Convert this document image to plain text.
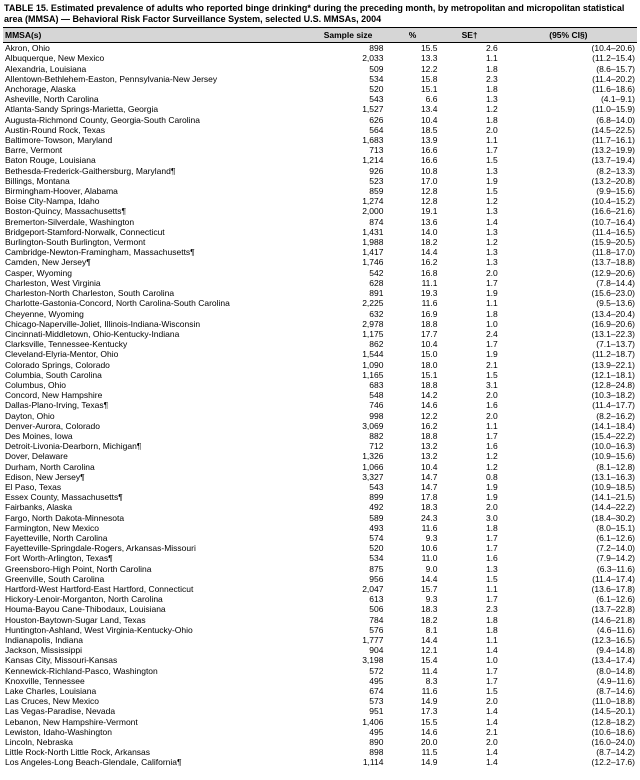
TABLE 15. Estimated prevalence of adults who reported binge drinking* during the preceding month, by metropolitan and micropolitan statistical area (MMSA) — Behavioral Risk Factor Surveillance System, selected U.S. MMSAs, 2004
MMSA(s)	Sample size	%	SE†	(95% CI§)
Akron, Ohio	898	15.5	2.6	(10.4–20.6)
Albuquerque, New Mexico	2,033	13.3	1.1	(11.2–15.4)
Alexandria, Louisiana	509	12.2	1.8	(8.6–15.7)
Allentown-Bethlehem-Easton, Pennsylvania-New Jersey	534	15.8	2.3	(11.4–20.2)
Anchorage, Alaska	520	15.1	1.8	(11.6–18.6)
Asheville, North Carolina	543	6.6	1.3	(4.1–9.1)
Atlanta-Sandy Springs-Marietta, Georgia	1,527	13.4	1.2	(11.0–15.9)
Augusta-Richmond County, Georgia-South Carolina	626	10.4	1.8	(6.8–14.0)
Austin-Round Rock, Texas	564	18.5	2.0	(14.5–22.5)
Baltimore-Towson, Maryland	1,683	13.9	1.1	(11.7–16.1)
Barre, Vermont	713	16.6	1.7	(13.2–19.9)
Baton Rouge, Louisiana	1,214	16.6	1.5	(13.7–19.4)
Bethesda-Frederick-Gaithersburg, Maryland¶	926	10.8	1.3	(8.2–13.3)
Billings, Montana	523	17.0	1.9	(13.2–20.8)
Birmingham-Hoover, Alabama	859	12.8	1.5	(9.9–15.6)
Boise City-Nampa, Idaho	1,274	12.8	1.2	(10.4–15.2)
Boston-Quincy, Massachusetts¶	2,000	19.1	1.3	(16.6–21.6)
Bremerton-Silverdale, Washington	874	13.6	1.4	(10.7–16.4)
Bridgeport-Stamford-Norwalk, Connecticut	1,431	14.0	1.3	(11.4–16.5)
Burlington-South Burlington, Vermont	1,988	18.2	1.2	(15.9–20.5)
Cambridge-Newton-Framingham, Massachusetts¶	1,417	14.4	1.3	(11.8–17.0)
Camden, New Jersey¶	1,746	16.2	1.3	(13.7–18.8)
Casper, Wyoming	542	16.8	2.0	(12.9–20.6)
Charleston, West Virginia	628	11.1	1.7	(7.8–14.4)
Charleston-North Charleston, South Carolina	891	19.3	1.9	(15.6–23.0)
Charlotte-Gastonia-Concord, North Carolina-South Carolina	2,225	11.6	1.1	(9.5–13.6)
Cheyenne, Wyoming	632	16.9	1.8	(13.4–20.4)
Chicago-Naperville-Joliet, Illinois-Indiana-Wisconsin	2,978	18.8	1.0	(16.9–20.6)
Cincinnati-Middletown, Ohio-Kentucky-Indiana	1,175	17.7	2.4	(13.1–22.3)
Clarksville, Tennessee-Kentucky	862	10.4	1.7	(7.1–13.7)
Cleveland-Elyria-Mentor, Ohio	1,544	15.0	1.9	(11.2–18.7)
Colorado Springs, Colorado	1,090	18.0	2.1	(13.9–22.1)
Columbia, South Carolina	1,165	15.1	1.5	(12.1–18.1)
Columbus, Ohio	683	18.8	3.1	(12.8–24.8)
Concord, New Hampshire	548	14.2	2.0	(10.3–18.2)
Dallas-Plano-Irving, Texas¶	746	14.6	1.6	(11.4–17.7)
Dayton, Ohio	998	12.2	2.0	(8.2–16.2)
Denver-Aurora, Colorado	3,069	16.2	1.1	(14.1–18.4)
Des Moines, Iowa	882	18.8	1.7	(15.4–22.2)
Detroit-Livonia-Dearborn, Michigan¶	712	13.2	1.6	(10.0–16.3)
Dover, Delaware	1,326	13.2	1.2	(10.9–15.6)
Durham, North Carolina	1,066	10.4	1.2	(8.1–12.8)
Edison, New Jersey¶	3,327	14.7	0.8	(13.1–16.3)
El Paso, Texas	543	14.7	1.9	(10.9–18.5)
Essex County, Massachusetts¶	899	17.8	1.9	(14.1–21.5)
Fairbanks, Alaska	492	18.3	2.0	(14.4–22.2)
Fargo, North Dakota-Minnesota	589	24.3	3.0	(18.4–30.2)
Farmington, New Mexico	493	11.6	1.8	(8.0–15.1)
Fayetteville, North Carolina	574	9.3	1.7	(6.1–12.6)
Fayetteville-Springdale-Rogers, Arkansas-Missouri	520	10.6	1.7	(7.2–14.0)
Fort Worth-Arlington, Texas¶	534	11.0	1.6	(7.9–14.2)
Greensboro-High Point, North Carolina	875	9.0	1.3	(6.3–11.6)
Greenville, South Carolina	956	14.4	1.5	(11.4–17.4)
Hartford-West Hartford-East Hartford, Connecticut	2,047	15.7	1.1	(13.6–17.8)
Hickory-Lenoir-Morganton, North Carolina	613	9.3	1.7	(6.1–12.6)
Houma-Bayou Cane-Thibodaux, Louisiana	506	18.3	2.3	(13.7–22.8)
Houston-Baytown-Sugar Land, Texas	784	18.2	1.8	(14.6–21.8)
Huntington-Ashland, West Virginia-Kentucky-Ohio	576	8.1	1.8	(4.6–11.6)
Indianapolis, Indiana	1,777	14.4	1.1	(12.3–16.5)
Jackson, Mississippi	904	12.1	1.4	(9.4–14.8)
Kansas City, Missouri-Kansas	3,198	15.4	1.0	(13.4–17.4)
Kennewick-Richland-Pasco, Washington	572	11.4	1.7	(8.0–14.8)
Knoxville, Tennessee	495	8.3	1.7	(4.9–11.6)
Lake Charles, Louisiana	674	11.6	1.5	(8.7–14.6)
Las Cruces, New Mexico	573	14.9	2.0	(11.0–18.8)
Las Vegas-Paradise, Nevada	951	17.3	1.4	(14.5–20.1)
Lebanon, New Hampshire-Vermont	1,406	15.5	1.4	(12.8–18.2)
Lewiston, Idaho-Washington	495	14.6	2.1	(10.6–18.6)
Lincoln, Nebraska	890	20.0	2.0	(16.0–24.0)
Little Rock-North Little Rock, Arkansas	898	11.5	1.4	(8.7–14.2)
Los Angeles-Long Beach-Glendale, California¶	1,114	14.9	1.4	(12.2–17.6)
